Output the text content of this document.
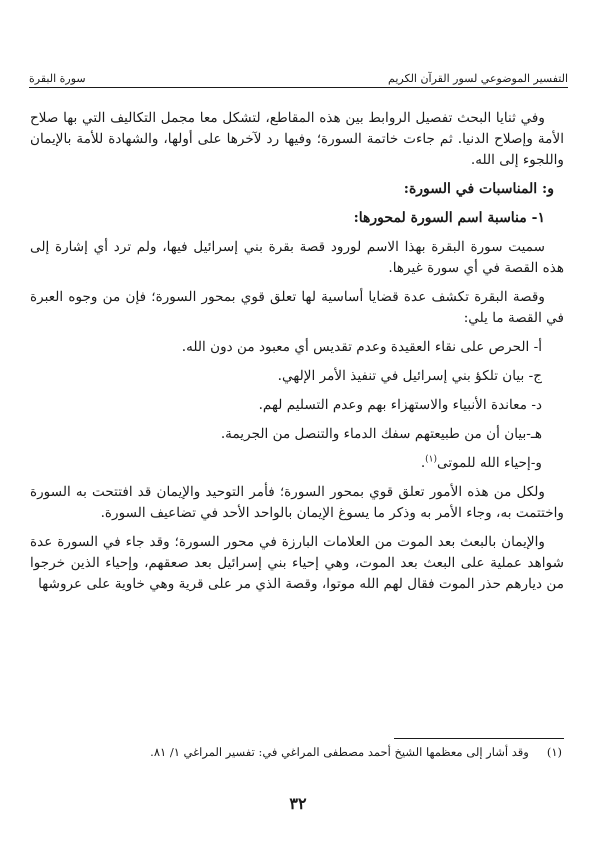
التفسير الموضوعي لسور القرآن الكريم
سورة البقرة

وفي ثنايا البحث تفصيل الروابط بين هذه المقاطع، لتشكل معا مجمل التكاليف التي بها صلاح الأمة وإصلاح الدنيا. ثم جاءت خاتمة السورة؛ وفيها رد لآخرها على أولها، والشهادة للأمة بالإيمان واللجوء إلى الله.

و: المناسبات في السورة:

١- مناسبة اسم السورة لمحورها:

سميت سورة البقرة بهذا الاسم لورود قصة بقرة بني إسرائيل فيها، ولم ترد أي إشارة إلى هذه القصة في أي سورة غيرها.

وقصة البقرة تكشف عدة قضايا أساسية لها تعلق قوي بمحور السورة؛ فإن من وجوه العبرة في القصة ما يلي:

أ- الحرص على نقاء العقيدة وعدم تقديس أي معبود من دون الله.

ج- بيان تلكؤ بني إسرائيل في تنفيذ الأمر الإلهي.

د- معاندة الأنبياء والاستهزاء بهم وعدم التسليم لهم.

هـ-بيان أن من طبيعتهم سفك الدماء والتنصل من الجريمة.

و-إحياء الله للموتى$^{(١)}$.

ولكل من هذه الأمور تعلق قوي بمحور السورة؛ فأمر التوحيد والإيمان قد افتتحت به السورة واختتمت به، وجاء الأمر به وذكر ما يسوغ الإيمان بالواحد الأحد في تضاعيف السورة.

والإيمان بالبعث بعد الموت من العلامات البارزة في محور السورة؛ وقد جاء في السورة عدة شواهد عملية على البعث بعد الموت، وهي إحياء بني إسرائيل بعد صعقهم، وإحياء الذين خرجوا من ديارهم حذر الموت فقال لهم الله موتوا، وقصة الذي مر على قرية وهي خاوية على عروشها

(١)
وقد أشار إلى معظمها الشيخ أحمد مصطفى المراغي في: تفسير المراغي ١/ ٨١.
٣٢
